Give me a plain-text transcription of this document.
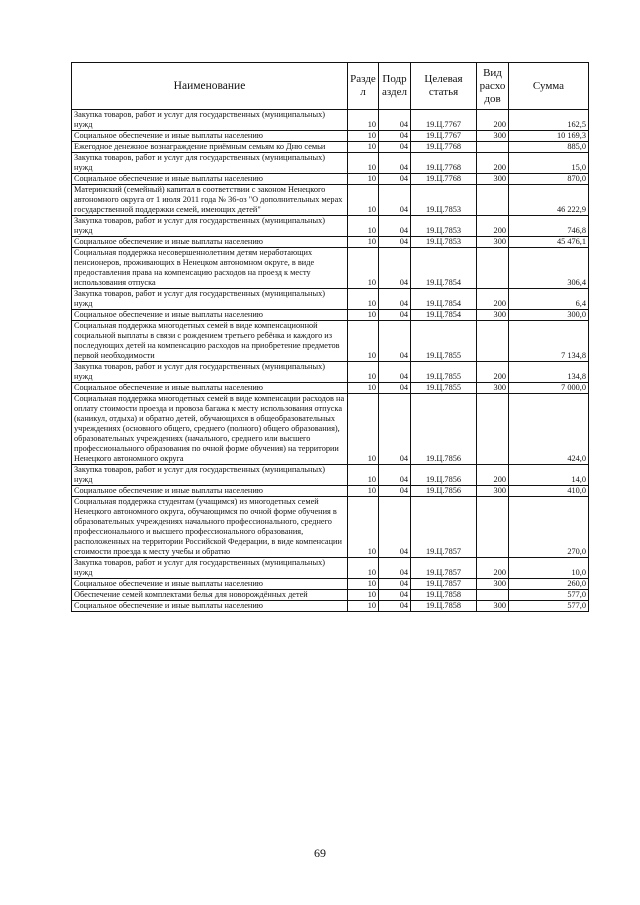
Наименование	Разде л	Подр аздел	Целевая статья	Вид расхо дов	Сумма
Закупка товаров, работ и услуг для государственных (муниципальных) нужд	10	04	19.Ц.7767	200	162,5
Социальное обеспечение и иные выплаты населению	10	04	19.Ц.7767	300	10 169,3
Ежегодное денежное вознаграждение приёмным семьям ко Дню семьи	10	04	19.Ц.7768		885,0
Закупка товаров, работ и услуг для государственных (муниципальных) нужд	10	04	19.Ц.7768	200	15,0
Социальное обеспечение и иные выплаты населению	10	04	19.Ц.7768	300	870,0
Материнский (семейный) капитал в соответствии с законом Ненецкого автономного округа от 1 июля 2011 года № 36-оз "О дополнительных мерах государственной поддержки семей, имеющих детей"	10	04	19.Ц.7853		46 222,9
Закупка товаров, работ и услуг для государственных (муниципальных) нужд	10	04	19.Ц.7853	200	746,8
Социальное обеспечение и иные выплаты населению	10	04	19.Ц.7853	300	45 476,1
Социальная поддержка несовершеннолетним детям неработающих пенсионеров, проживающих в Ненецком автономном округе, в виде предоставления права на компенсацию расходов на проезд к месту использования отпуска	10	04	19.Ц.7854		306,4
Закупка товаров, работ и услуг для государственных (муниципальных) нужд	10	04	19.Ц.7854	200	6,4
Социальное обеспечение и иные выплаты населению	10	04	19.Ц.7854	300	300,0
Социальная поддержка многодетных семей в виде компенсационной социальной выплаты в связи с рождением третьего ребёнка и каждого из последующих детей на компенсацию расходов на приобретение предметов первой необходимости	10	04	19.Ц.7855		7 134,8
Закупка товаров, работ и услуг для государственных (муниципальных) нужд	10	04	19.Ц.7855	200	134,8
Социальное обеспечение и иные выплаты населению	10	04	19.Ц.7855	300	7 000,0
Социальная поддержка многодетных семей в виде компенсации расходов на оплату стоимости проезда и провоза багажа к месту использования отпуска (каникул, отдыха) и обратно детей, обучающихся в общеобразовательных учреждениях (основного общего, среднего (полного) общего образования), образовательных учреждениях (начального, среднего или высшего профессионального образования по очной форме обучения) на территории Ненецкого автономного округа	10	04	19.Ц.7856		424,0
Закупка товаров, работ и услуг для государственных (муниципальных) нужд	10	04	19.Ц.7856	200	14,0
Социальное обеспечение и иные выплаты населению	10	04	19.Ц.7856	300	410,0
Социальная поддержка студентам (учащимся) из многодетных семей Ненецкого автономного округа, обучающимся по очной форме обучения в образовательных учреждениях начального профессионального, среднего профессионального и высшего профессионального образования, расположенных на территории Российской Федерации, в виде компенсации стоимости проезда к месту учебы и обратно	10	04	19.Ц.7857		270,0
Закупка товаров, работ и услуг для государственных (муниципальных) нужд	10	04	19.Ц.7857	200	10,0
Социальное обеспечение и иные выплаты населению	10	04	19.Ц.7857	300	260,0
Обеспечение семей комплектами белья для новорождённых детей	10	04	19.Ц.7858		577,0
Социальное обеспечение и иные выплаты населению	10	04	19.Ц.7858	300	577,0
69
